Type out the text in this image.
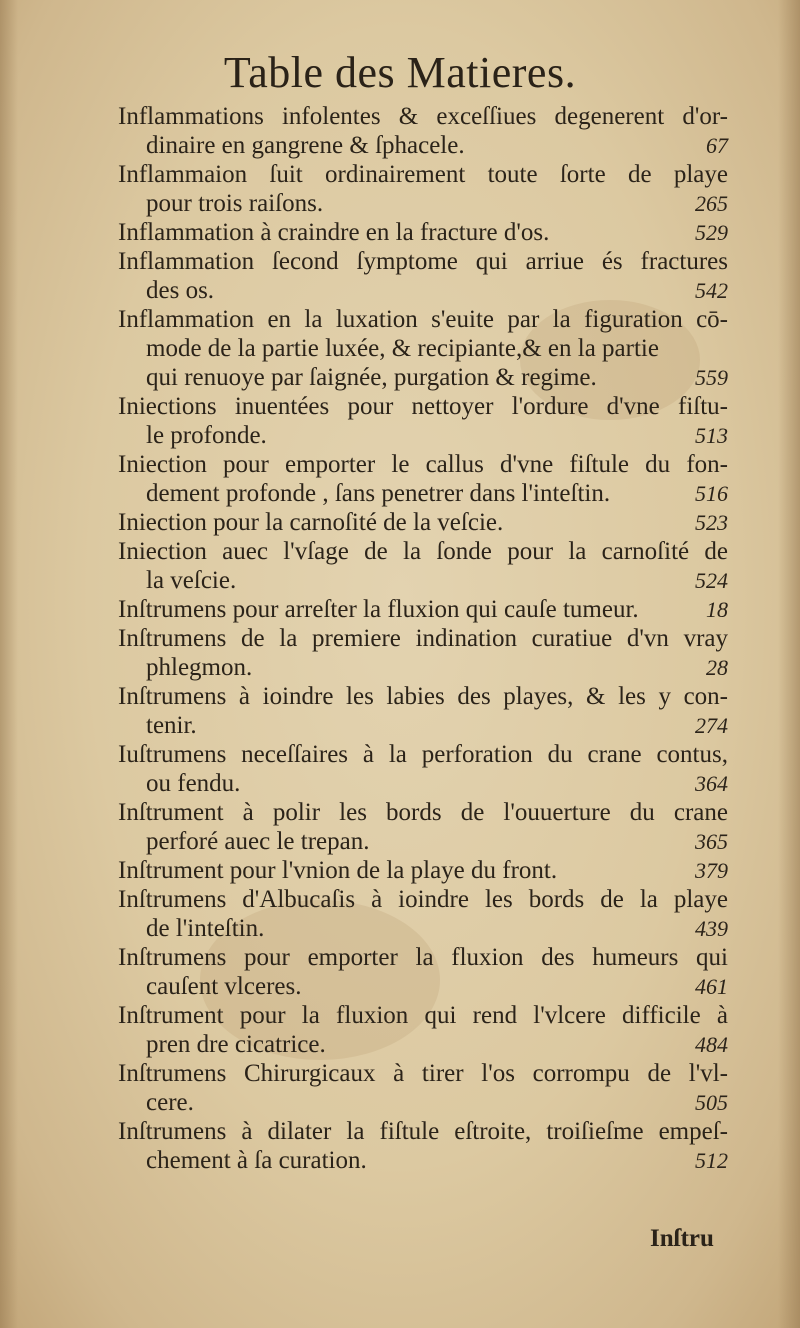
Table des Matieres.
Inflammations infolentes & exceſſiues degenerent d'or-
dinaire en gangrene & ſphacele.	67
Inflammaion ſuit ordinairement toute ſorte de playe
pour trois raiſons.	265
Inflammation à craindre en la fracture d'os.	529
Inflammation ſecond ſymptome qui arriue és fractures
des os.	542
Inflammation en la luxation s'euite par la figuration cō-
mode de la partie luxée, & recipiante,& en la partie
qui renuoye par ſaignée, purgation & regime.	559
Iniections inuentées pour nettoyer l'ordure d'vne fiſtu-
le profonde.	513
Iniection pour emporter le callus d'vne fiſtule du fon-
dement profonde , ſans penetrer dans l'inteſtin.	516
Iniection pour la carnoſité de la veſcie.	523
Iniection auec l'vſage de la ſonde pour la carnoſité de
la veſcie.	524
Inſtrumens pour arreſter la fluxion qui cauſe tumeur.	18
Inſtrumens de la premiere indination curatiue d'vn vray
phlegmon.	28
Inſtrumens à ioindre les labies des playes, & les y con-
tenir.	274
Iuſtrumens neceſſaires à la perforation du crane contus,
ou fendu.	364
Inſtrument à polir les bords de l'ouuerture du crane
perforé auec le trepan.	365
Inſtrument pour l'vnion de la playe du front.	379
Inſtrumens d'Albucaſis à ioindre les bords de la playe
de l'inteſtin.	439
Inſtrumens pour emporter la fluxion des humeurs qui
cauſent vlceres.	461
Inſtrument pour la fluxion qui rend l'vlcere difficile à
pren dre cicatrice.	484
Inſtrumens Chirurgicaux à tirer l'os corrompu de l'vl-
cere.	505
Inſtrumens à dilater la fiſtule eſtroite, troiſieſme empeſ-
chement à ſa curation.	512
Inſtru
